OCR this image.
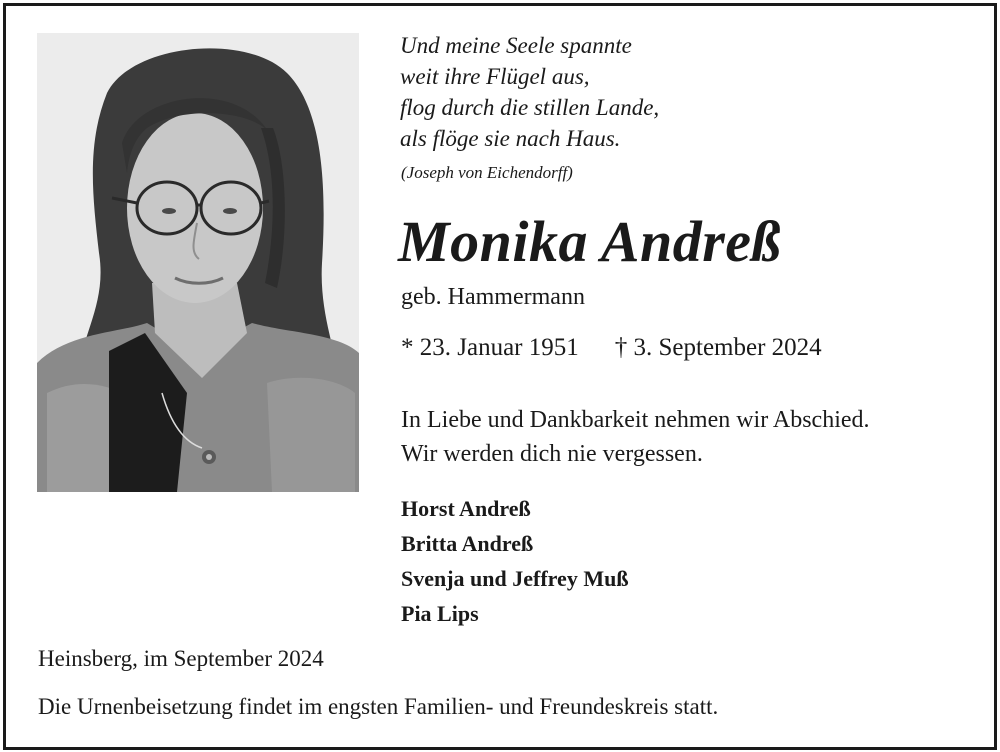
Und meine Seele spannte
weit ihre Flügel aus,
flog durch die stillen Lande,
als flöge sie nach Haus.
(Joseph von Eichendorff)
Monika Andreß
geb. Hammermann
* 23. Januar 1951 † 3. September 2024
In Liebe und Dankbarkeit nehmen wir Abschied.
Wir werden dich nie vergessen.
Horst Andreß
Britta Andreß
Svenja und Jeffrey Muß
Pia Lips
Heinsberg, im September 2024
Die Urnenbeisetzung findet im engsten Familien- und Freundeskreis statt.
